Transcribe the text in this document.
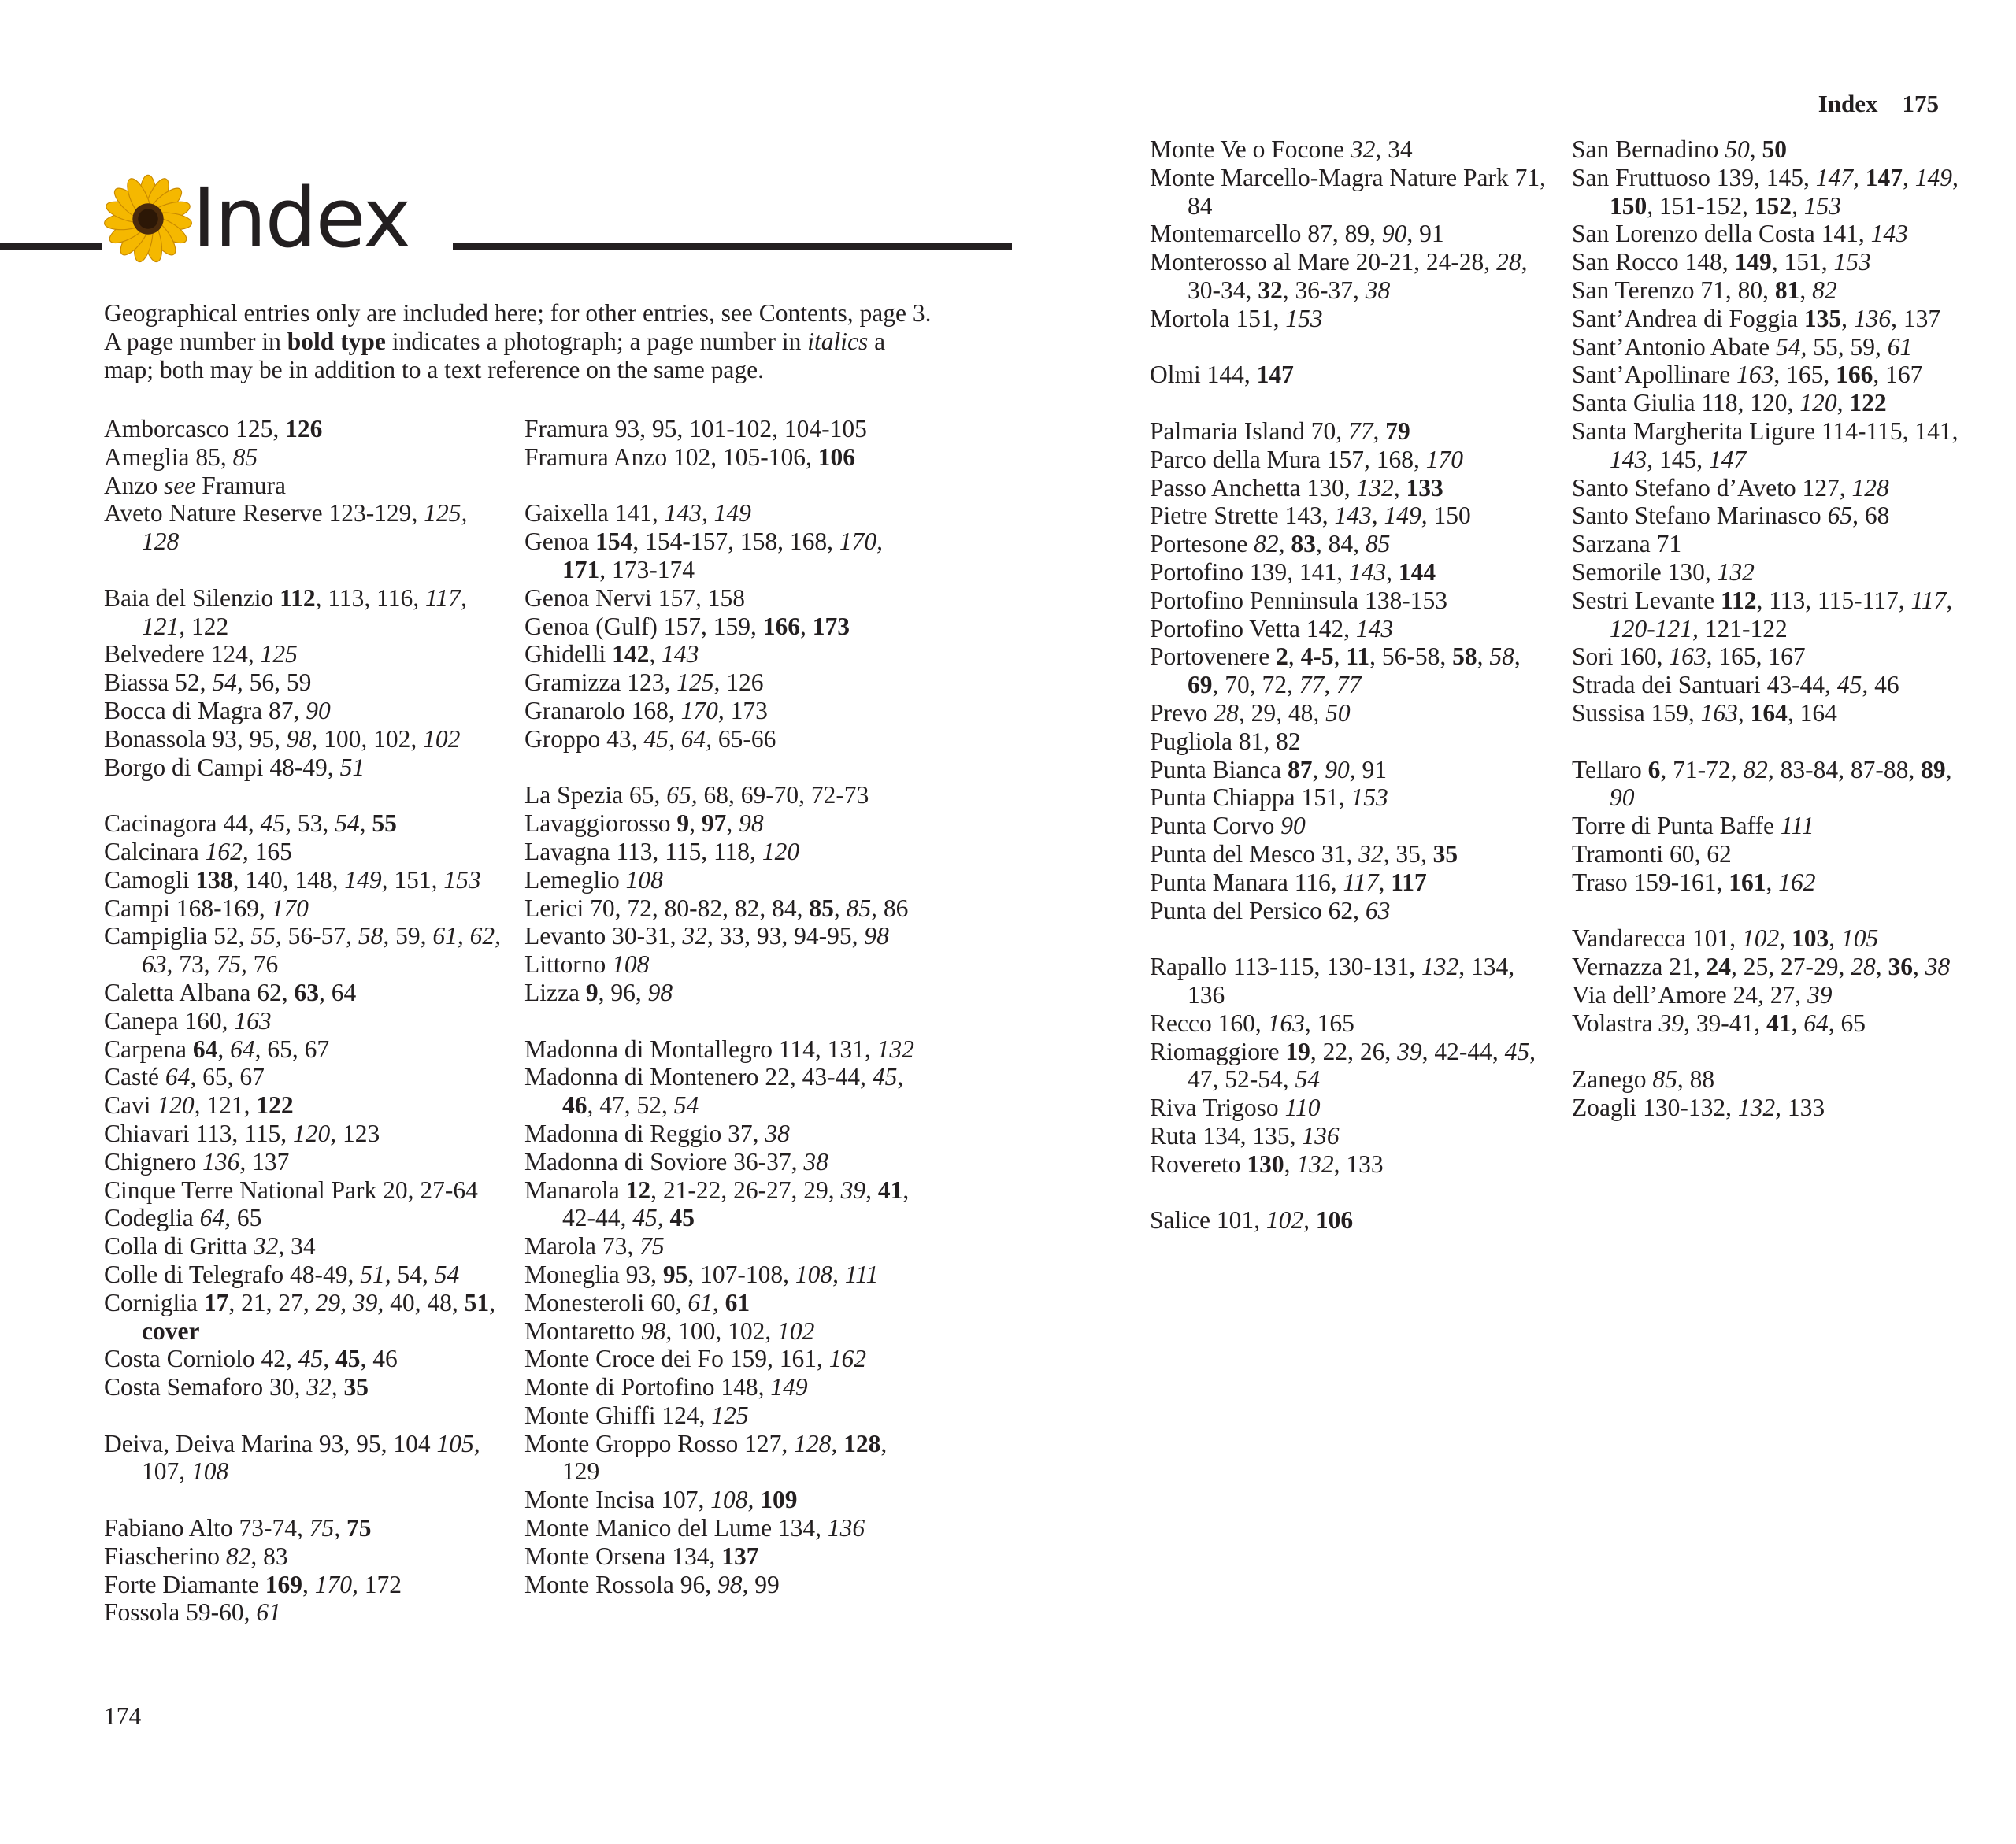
Index    175
Index
Geographical entries only are included here; for other entries, see Contents, page 3. A page number in bold type indicates a photograph; a page number in italics a map; both may be in addition to a text reference on the same page.
Amborcasco 125, 126
Ameglia 85, 85
Anzo see Framura
Aveto Nature Reserve 123-129, 125, 128
Baia del Silenzio 112, 113, 116, 117, 121, 122
Belvedere 124, 125
Biassa 52, 54, 56, 59
Bocca di Magra 87, 90
Bonassola 93, 95, 98, 100, 102, 102
Borgo di Campi 48-49, 51
Cacinagora 44, 45, 53, 54, 55
Calcinara 162, 165
Camogli 138, 140, 148, 149, 151, 153
Campi 168-169, 170
Campiglia 52, 55, 56-57, 58, 59, 61, 62, 63, 73, 75, 76
Caletta Albana 62, 63, 64
Canepa 160, 163
Carpena 64, 64, 65, 67
Casté 64, 65, 67
Cavi 120, 121, 122
Chiavari 113, 115, 120, 123
Chignero 136, 137
Cinque Terre National Park 20, 27-64
Codeglia 64, 65
Colla di Gritta 32, 34
Colle di Telegrafo 48-49, 51, 54, 54
Corniglia 17, 21, 27, 29, 39, 40, 48, 51, cover
Costa Corniolo 42, 45, 45, 46
Costa Semaforo 30, 32, 35
Deiva, Deiva Marina 93, 95, 104 105, 107, 108
Fabiano Alto 73-74, 75, 75
Fiascherino 82, 83
Forte Diamante 169, 170, 172
Fossola 59-60, 61
Framura 93, 95, 101-102, 104-105
Framura Anzo 102, 105-106, 106
Gaixella 141, 143, 149
Genoa 154, 154-157, 158, 168, 170, 171, 173-174
Genoa Nervi 157, 158
Genoa (Gulf) 157, 159, 166, 173
Ghidelli 142, 143
Gramizza 123, 125, 126
Granarolo 168, 170, 173
Groppo 43, 45, 64, 65-66
La Spezia 65, 65, 68, 69-70, 72-73
Lavaggiorosso 9, 97, 98
Lavagna 113, 115, 118, 120
Lemeglio 108
Lerici 70, 72, 80-82, 82, 84, 85, 85, 86
Levanto 30-31, 32, 33, 93, 94-95, 98
Littorno 108
Lizza 9, 96, 98
Madonna di Montallegro 114, 131, 132
Madonna di Montenero 22, 43-44, 45, 46, 47, 52, 54
Madonna di Reggio 37, 38
Madonna di Soviore 36-37, 38
Manarola 12, 21-22, 26-27, 29, 39, 41, 42-44, 45, 45
Marola 73, 75
Moneglia 93, 95, 107-108, 108, 111
Monesteroli 60, 61, 61
Montaretto 98, 100, 102, 102
Monte Croce dei Fo 159, 161, 162
Monte di Portofino 148, 149
Monte Ghiffi 124, 125
Monte Groppo Rosso 127, 128, 128, 129
Monte Incisa 107, 108, 109
Monte Manico del Lume 134, 136
Monte Orsena 134, 137
Monte Rossola 96, 98, 99
Monte Ve o Focone 32, 34
Monte Marcello-Magra Nature Park 71, 84
Montemarcello 87, 89, 90, 91
Monterosso al Mare 20-21, 24-28, 28, 30-34, 32, 36-37, 38
Mortola 151, 153
Olmi 144, 147
Palmaria Island 70, 77, 79
Parco della Mura 157, 168, 170
Passo Anchetta 130, 132, 133
Pietre Strette 143, 143, 149, 150
Portesone 82, 83, 84, 85
Portofino 139, 141, 143, 144
Portofino Penninsula 138-153
Portofino Vetta 142, 143
Portovenere 2, 4-5, 11, 56-58, 58, 58, 69, 70, 72, 77, 77
Prevo 28, 29, 48, 50
Pugliola 81, 82
Punta Bianca 87, 90, 91
Punta Chiappa 151, 153
Punta Corvo 90
Punta del Mesco 31, 32, 35, 35
Punta Manara 116, 117, 117
Punta del Persico 62, 63
Rapallo 113-115, 130-131, 132, 134, 136
Recco 160, 163, 165
Riomaggiore 19, 22, 26, 39, 42-44, 45, 47, 52-54, 54
Riva Trigoso 110
Ruta 134, 135, 136
Rovereto 130, 132, 133
Salice 101, 102, 106
San Bernadino 50, 50
San Fruttuoso 139, 145, 147, 147, 149, 150, 151-152, 152, 153
San Lorenzo della Costa 141, 143
San Rocco 148, 149, 151, 153
San Terenzo 71, 80, 81, 82
Sant’Andrea di Foggia 135, 136, 137
Sant’Antonio Abate 54, 55, 59, 61
Sant’Apollinare 163, 165, 166, 167
Santa Giulia 118, 120, 120, 122
Santa Margherita Ligure 114-115, 141, 143, 145, 147
Santo Stefano d’Aveto 127, 128
Santo Stefano Marinasco 65, 68
Sarzana 71
Semorile 130, 132
Sestri Levante 112, 113, 115-117, 117, 120-121, 121-122
Sori 160, 163, 165, 167
Strada dei Santuari 43-44, 45, 46
Sussisa 159, 163, 164, 164
Tellaro 6, 71-72, 82, 83-84, 87-88, 89, 90
Torre di Punta Baffe 111
Tramonti 60, 62
Traso 159-161, 161, 162
Vandarecca 101, 102, 103, 105
Vernazza 21, 24, 25, 27-29, 28, 36, 38
Via dell’Amore 24, 27, 39
Volastra 39, 39-41, 41, 64, 65
Zanego 85, 88
Zoagli 130-132, 132, 133
174
